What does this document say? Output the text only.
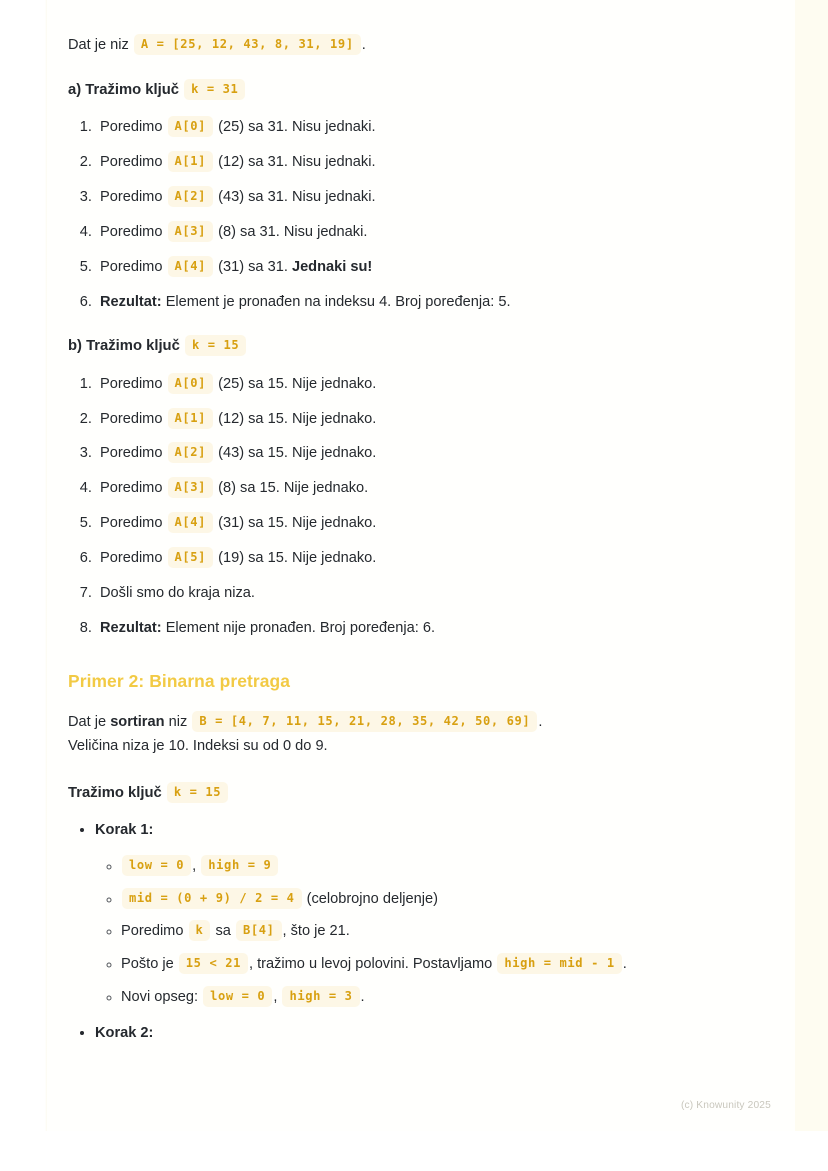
Dat je niz A = [25, 12, 43, 8, 31, 19] .

a) Tražimo ključ k = 31
1. Poredimo A[0] (25) sa 31. Nisu jednaki.
2. Poredimo A[1] (12) sa 31. Nisu jednaki.
3. Poredimo A[2] (43) sa 31. Nisu jednaki.
4. Poredimo A[3] (8) sa 31. Nisu jednaki.
5. Poredimo A[4] (31) sa 31. Jednaki su!
6. Rezultat: Element je pronađen na indeksu 4. Broj poređenja: 5.
b) Tražimo ključ k = 15
1. Poredimo A[0] (25) sa 15. Nije jednako.
2. Poredimo A[1] (12) sa 15. Nije jednako.
3. Poredimo A[2] (43) sa 15. Nije jednako.
4. Poredimo A[3] (8) sa 15. Nije jednako.
5. Poredimo A[4] (31) sa 15. Nije jednako.
6. Poredimo A[5] (19) sa 15. Nije jednako.
7. Došli smo do kraja niza.
8. Rezultat: Element nije pronađen. Broj poređenja: 6.
Primer 2: Binarna pretraga

Dat je sortiran niz B = [4, 7, 11, 15, 21, 28, 35, 42, 50, 69] .

Veličina niza je 10. Indeksi su od 0 do 9.

Tražimo ključ k = 15
• Korak 1:
◦ low = 0 , high = 9
◦ mid = (0 + 9) / 2 = 4 (celobrojno deljenje)
◦ Poredimo k sa B[4] , što je 21.
◦ Pošto je 15 < 21 , tražimo u levoj polovini. Postavljamo high = mid - 1 .
◦ Novi opseg: low = 0 , high = 3 .
• Korak 2:
(c) Knowunity 2025
